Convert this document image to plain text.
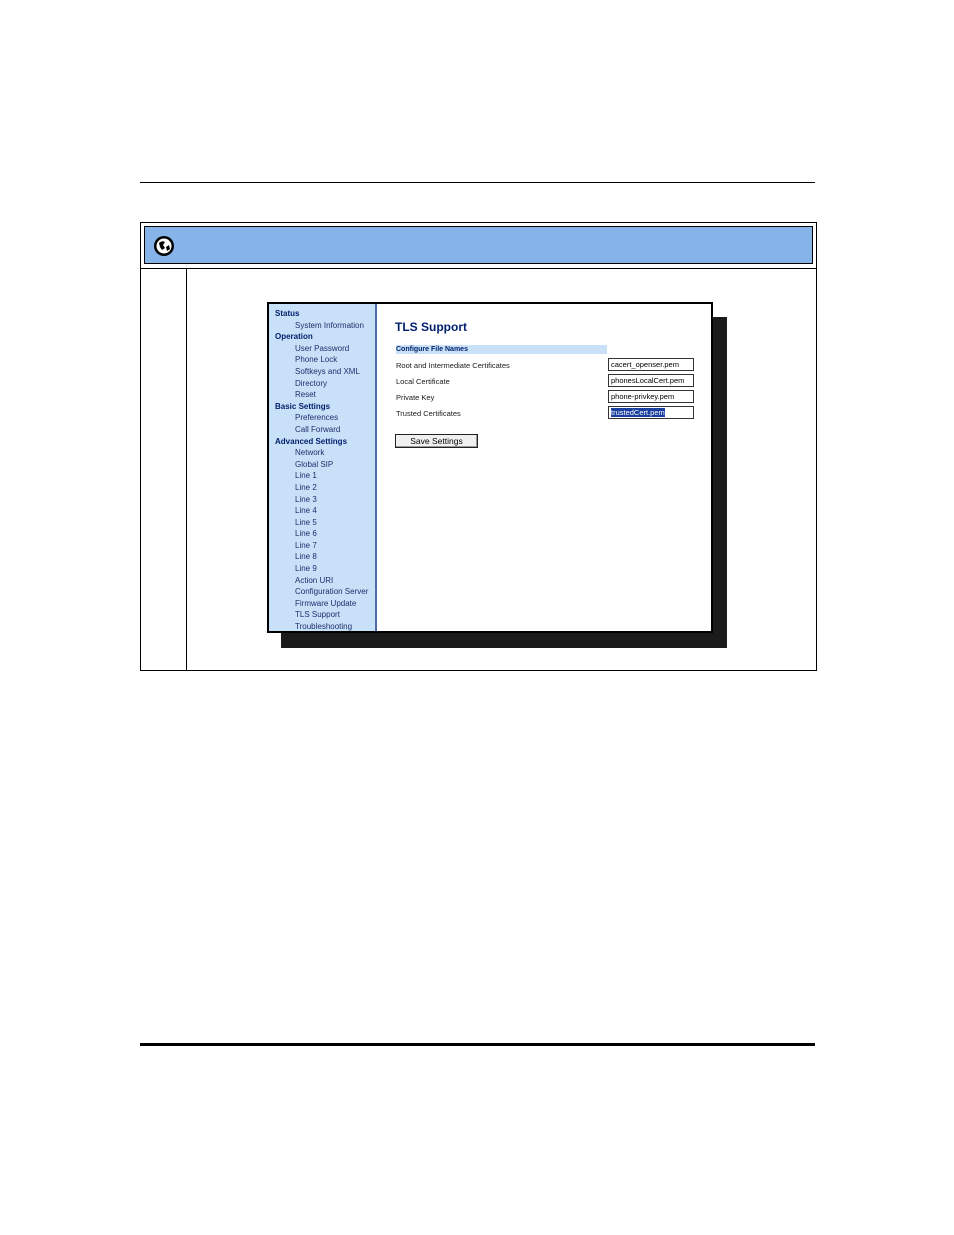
Status
System Information
Operation
User Password
Phone Lock
Softkeys and XML
Directory
Reset
Basic Settings
Preferences
Call Forward
Advanced Settings
Network
Global SIP
Line 1
Line 2
Line 3
Line 4
Line 5
Line 6
Line 7
Line 8
Line 9
Action URI
Configuration Server
Firmware Update
TLS Support
Troubleshooting
TLS Support
Configure File Names
Root and Intermediate Certificates	cacert_openser.pem
Local Certificate	phonesLocalCert.pem
Private Key	phone-privkey.pem
Trusted Certificates	trustedCert.pem
Save Settings
